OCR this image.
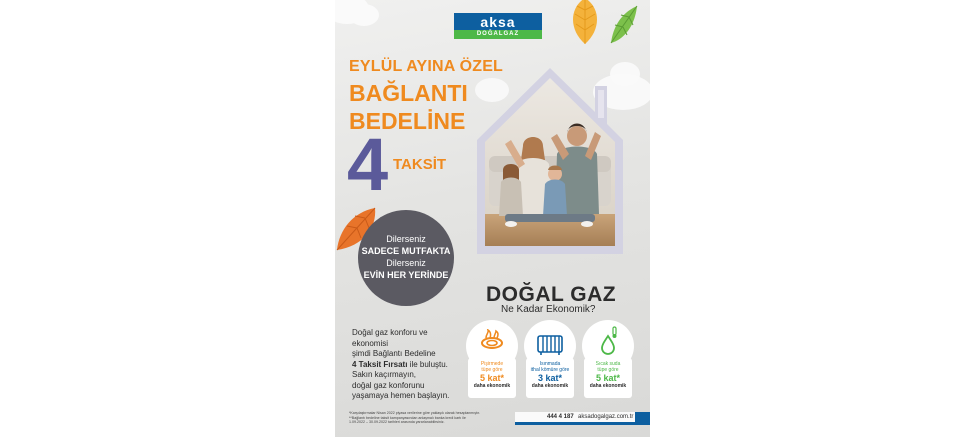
aksa
DOĞALGAZ
EYLÜL AYINA ÖZEL
BAĞLANTI
BEDELİNE
4 TAKSİT
Dilerseniz
SADECE MUTFAKTA
Dilerseniz
EVİN HER YERİNDE
DOĞAL GAZ
Ne Kadar Ekonomik?
Pişirmede
tüpe göre
5 kat*
daha ekonomik
Isınmada
ithal kömüre göre
3 kat*
daha ekonomik
Sıcak suda
tüpe göre
5 kat*
daha ekonomik
Doğal gaz konforu ve
ekonomisi
şimdi Bağlantı Bedeline
4 Taksit Fırsatı ile buluştu.
Sakın kaçırmayın,
doğal gaz konforunu
yaşamaya hemen başlayın.
*Karşılaştırmalar Nisan 2022 piyasa verilerine göre yaklaşık olarak hesaplanmıştır.
**Bağlantı bedeline taksit kampanyasından anlaşmalı banka kredi kartı ile
1.09.2022 – 30.09.2022 tarihleri arasında yararlanabilirsiniz.
444 4 187 aksadogalgaz.com.tr
